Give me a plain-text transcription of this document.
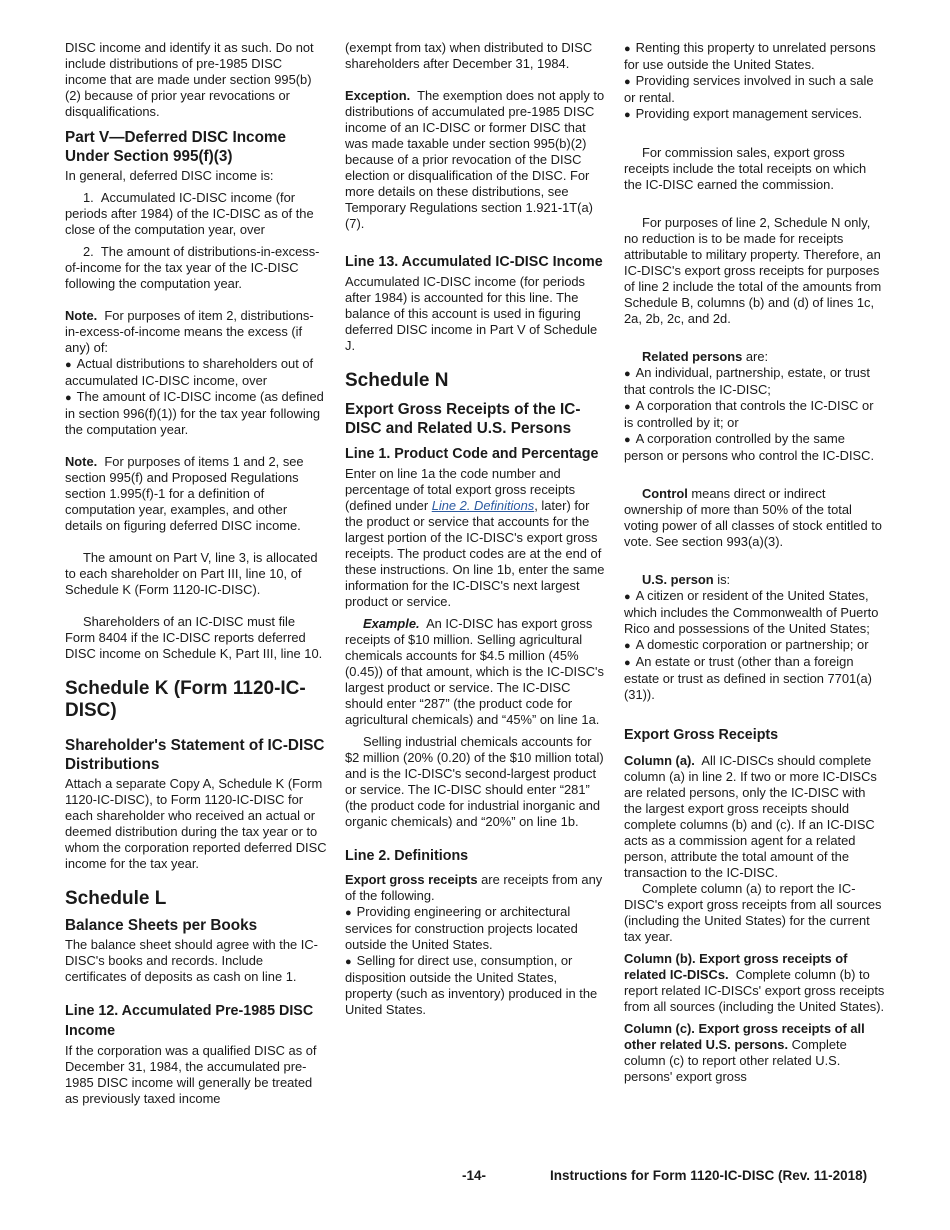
DISC income and identify it as such. Do not include distributions of pre-1985 DISC income that are made under section 995(b)(2) because of prior year revocations or disqualifications.

Part V—Deferred DISC Income Under Section 995(f)(3)

In general, deferred DISC income is:

1.  Accumulated IC-DISC income (for periods after 1984) of the IC-DISC as of the close of the computation year, over

2.  The amount of distributions-in-excess-of-income for the tax year of the IC-DISC following the computation year.

Note. For purposes of item 2, distributions-in-excess-of-income means the excess (if any) of:

● Actual distributions to shareholders out of accumulated IC-DISC income, over

● The amount of IC-DISC income (as defined in section 996(f)(1)) for the tax year following the computation year.

Note. For purposes of items 1 and 2, see section 995(f) and Proposed Regulations section 1.995(f)-1 for a definition of computation year, examples, and other details on figuring deferred DISC income.

The amount on Part V, line 3, is allocated to each shareholder on Part III, line 10, of Schedule K (Form 1120-IC-DISC).

Shareholders of an IC-DISC must file Form 8404 if the IC-DISC reports deferred DISC income on Schedule K, Part III, line 10.

Schedule K (Form 1120-IC-DISC)
Shareholder's Statement of IC-DISC Distributions

Attach a separate Copy A, Schedule K (Form 1120-IC-DISC), to Form 1120-IC-DISC for each shareholder who received an actual or deemed distribution during the tax year or to whom the corporation reported deferred DISC income for the tax year.

Schedule L
Balance Sheets per Books

The balance sheet should agree with the IC-DISC's books and records. Include certificates of deposits as cash on line 1.

Line 12. Accumulated Pre-1985 DISC Income

If the corporation was a qualified DISC as of December 31, 1984, the accumulated pre-1985 DISC income will generally be treated as previously taxed income

(exempt from tax) when distributed to DISC shareholders after December 31, 1984.

Exception. The exemption does not apply to distributions of accumulated pre-1985 DISC income of an IC-DISC or former DISC that was made taxable under section 995(b)(2) because of a prior revocation of the DISC election or disqualification of the DISC. For more details on these distributions, see Temporary Regulations section 1.921-1T(a)(7).

Line 13. Accumulated IC-DISC Income

Accumulated IC-DISC income (for periods after 1984) is accounted for this line. The balance of this account is used in figuring deferred DISC income in Part V of Schedule J.

Schedule N
Export Gross Receipts of the IC-DISC and Related U.S. Persons
Line 1. Product Code and Percentage

Enter on line 1a the code number and percentage of total export gross receipts (defined under Line 2. Definitions, later) for the product or service that accounts for the largest portion of the IC-DISC's export gross receipts. The product codes are at the end of these instructions. On line 1b, enter the same information for the IC-DISC's next largest product or service.

Example. An IC-DISC has export gross receipts of $10 million. Selling agricultural chemicals accounts for $4.5 million (45% (0.45)) of that amount, which is the IC-DISC's largest product or service. The IC-DISC should enter “287” (the product code for agricultural chemicals) and “45%” on line 1a.

Selling industrial chemicals accounts for $2 million (20% (0.20) of the $10 million total) and is the IC-DISC's second-largest product or service. The IC-DISC should enter “281” (the product code for industrial inorganic and organic chemicals) and “20%” on line 1b.

Line 2. Definitions

Export gross receipts are receipts from any of the following.

● Providing engineering or architectural services for construction projects located outside the United States.

● Selling for direct use, consumption, or disposition outside the United States, property (such as inventory) produced in the United States.

● Renting this property to unrelated persons for use outside the United States.

● Providing services involved in such a sale or rental.

● Providing export management services.

For commission sales, export gross receipts include the total receipts on which the IC-DISC earned the commission.

For purposes of line 2, Schedule N only, no reduction is to be made for receipts attributable to military property. Therefore, an IC-DISC's export gross receipts for purposes of line 2 include the total of the amounts from Schedule B, columns (b) and (d) of lines 1c, 2a, 2b, 2c, and 2d.

Related persons are:

● An individual, partnership, estate, or trust that controls the IC-DISC;

● A corporation that controls the IC-DISC or is controlled by it; or

● A corporation controlled by the same person or persons who control the IC-DISC.

Control means direct or indirect ownership of more than 50% of the total voting power of all classes of stock entitled to vote. See section 993(a)(3).

U.S. person is:

● A citizen or resident of the United States, which includes the Commonwealth of Puerto Rico and possessions of the United States;

● A domestic corporation or partnership; or

● An estate or trust (other than a foreign estate or trust as defined in section 7701(a)(31)).

Export Gross Receipts

Column (a). All IC-DISCs should complete column (a) in line 2. If two or more IC-DISCs are related persons, only the IC-DISC with the largest export gross receipts should complete columns (b) and (c). If an IC-DISC acts as a commission agent for a related person, attribute the total amount of the transaction to the IC-DISC.

Complete column (a) to report the IC-DISC's export gross receipts from all sources (including the United States) for the current tax year.

Column (b). Export gross receipts of related IC-DISCs. Complete column (b) to report related IC-DISCs' export gross receipts from all sources (including the United States).

Column (c). Export gross receipts of all other related U.S. persons. Complete column (c) to report other related U.S. persons' export gross

-14-	Instructions for Form 1120-IC-DISC (Rev. 11-2018)
